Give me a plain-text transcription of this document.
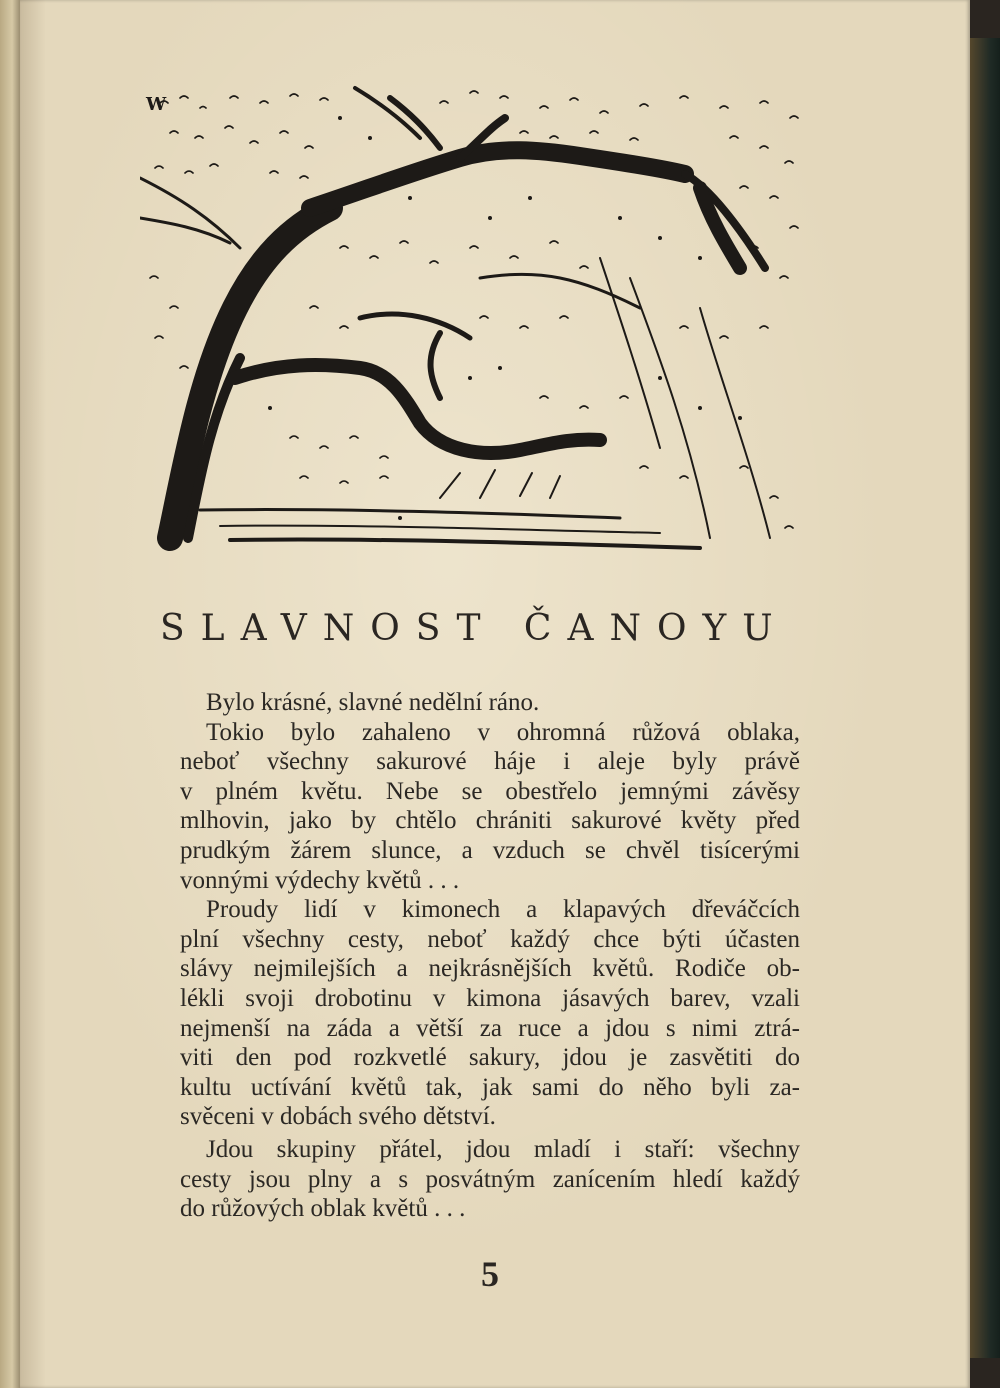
W
SLAVNOST ČANOYU
Bylo krásné, slavné nedělní ráno.
Tokio bylo zahaleno v ohromná růžová oblaka,
neboť všechny sakurové háje i aleje byly právě
v plném květu. Nebe se obestřelo jemnými závěsy
mlhovin, jako by chtělo chrániti sakurové květy před
prudkým žárem slunce, a vzduch se chvěl tisícerými
vonnými výdechy květů . . .
Proudy lidí v kimonech a klapavých dřeváčcích
plní všechny cesty, neboť každý chce býti účasten
slávy nejmilejších a nejkrásnějších květů. Rodiče ob-
lékli svoji drobotinu v kimona jásavých barev, vzali
nejmenší na záda a větší za ruce a jdou s nimi ztrá-
viti den pod rozkvetlé sakury, jdou je zasvětiti do
kultu uctívání květů tak, jak sami do něho byli za-
svěceni v dobách svého dětství.
Jdou skupiny přátel, jdou mladí i staří: všechny
cesty jsou plny a s posvátným zanícením hledí každý
do růžových oblak květů . . .
5
